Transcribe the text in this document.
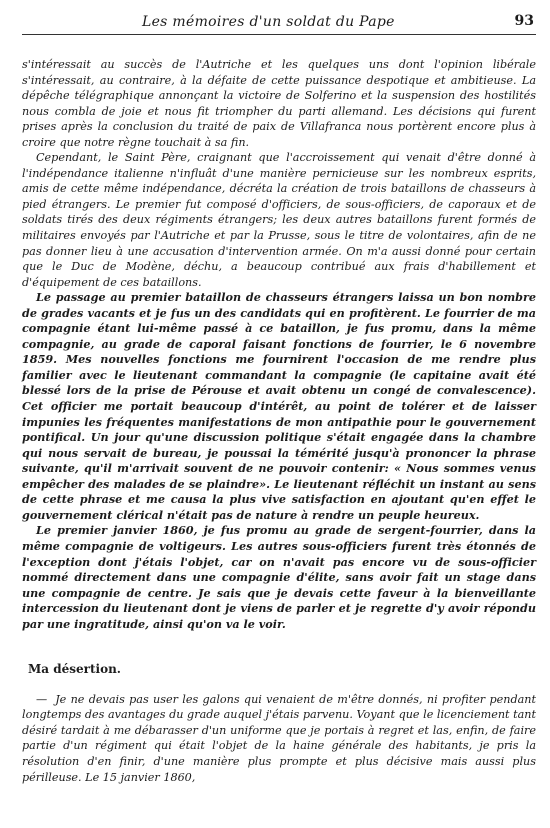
Les mémoires d'un soldat du Pape	93

s'intéressait au succès de l'Autriche et les quelques uns dont l'opinion libérale s'intéressait, au contraire, à la défaite de cette puissance despotique et ambitieuse. La dépêche télégraphique annonçant la victoire de Solferino et la suspension des hostilités nous combla de joie et nous fit triompher du parti allemand. Les décisions qui furent prises après la conclusion du traité de paix de Villafranca nous portèrent encore plus à croire que notre règne touchait à sa fin.

Cependant, le Saint Père, craignant que l'accroissement qui venait d'être donné à l'indépendance italienne n'influât d'une manière pernicieuse sur les nombreux esprits, amis de cette même indépendance, décréta la création de trois bataillons de chasseurs à pied étrangers. Le premier fut composé d'officiers, de sous-officiers, de caporaux et de soldats tirés des deux régiments étrangers; les deux autres bataillons furent formés de militaires envoyés par l'Autriche et par la Prusse, sous le titre de volontaires, afin de ne pas donner lieu à une accusation d'intervention armée. On m'a aussi donné pour certain que le Duc de Modène, déchu, a beaucoup contribué aux frais d'habillement et d'équipement de ces bataillons.

Le passage au premier bataillon de chasseurs étrangers laissa un bon nombre de grades vacants et je fus un des candidats qui en profitèrent. Le fourrier de ma compagnie étant lui-même passé à ce bataillon, je fus promu, dans la même compagnie, au grade de caporal faisant fonctions de fourrier, le 6 novembre 1859. Mes nouvelles fonctions me fournirent l'occasion de me rendre plus familier avec le lieutenant commandant la compagnie (le capitaine avait été blessé lors de la prise de Pérouse et avait obtenu un congé de convalescence). Cet officier me portait beaucoup d'intérêt, au point de tolérer et de laisser impunies les fréquentes manifestations de mon antipathie pour le gouvernement pontifical. Un jour qu'une discussion politique s'était engagée dans la chambre qui nous servait de bureau, je poussai la témérité jusqu'à prononcer la phrase suivante, qu'il m'arrivait souvent de ne pouvoir contenir: « Nous sommes venus empêcher des malades de se plaindre». Le lieutenant réfléchit un instant au sens de cette phrase et me causa la plus vive satisfaction en ajoutant qu'en effet le gouvernement clérical n'était pas de nature à rendre un peuple heureux.

Le premier janvier 1860, je fus promu au grade de sergent-fourrier, dans la même compagnie de voltigeurs. Les autres sous-officiers furent très étonnés de l'exception dont j'étais l'objet, car on n'avait pas encore vu de sous-officier nommé directement dans une compagnie d'élite, sans avoir fait un stage dans une compagnie de centre. Je sais que je devais cette faveur à la bienveillante intercession du lieutenant dont je viens de parler et je regrette d'y avoir répondu par une ingratitude, ainsi qu'on va le voir.

Ma désertion.

— Je ne devais pas user les galons qui venaient de m'être donnés, ni profiter pendant longtemps des avantages du grade auquel j'étais parvenu. Voyant que le licenciement tant désiré tardait à me débarasser d'un uniforme que je portais à regret et las, enfin, de faire partie d'un régiment qui était l'objet de la haine générale des habitants, je pris la résolution d'en finir, d'une manière plus prompte et plus décisive mais aussi plus périlleuse. Le 15 janvier 1860,
